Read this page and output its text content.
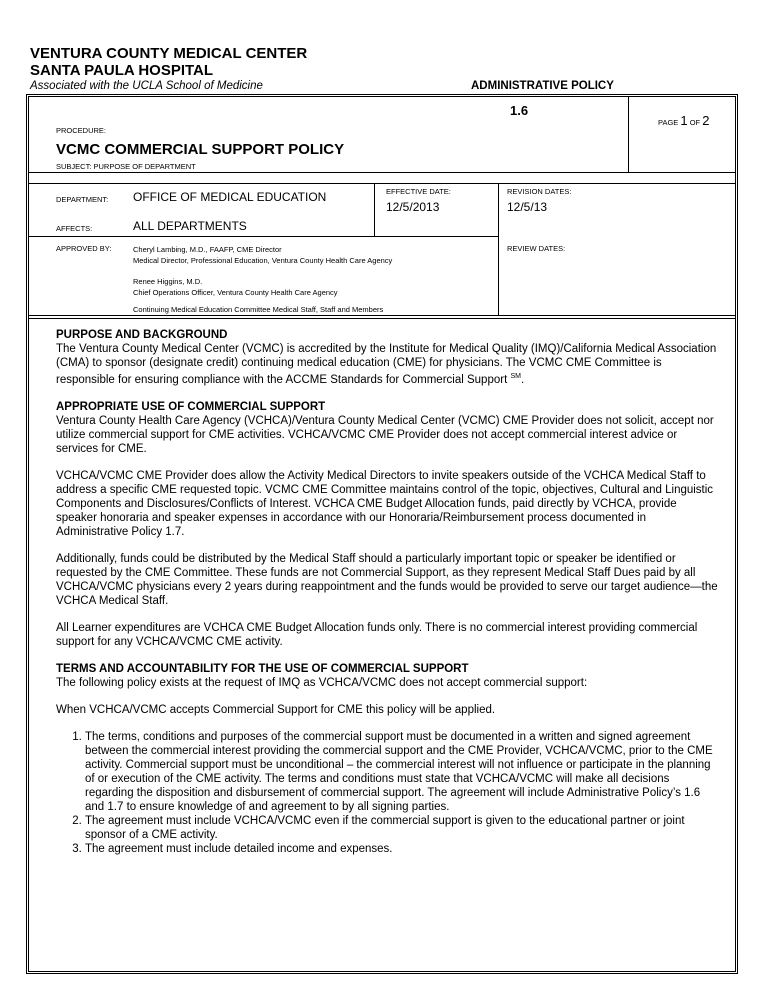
VENTURA COUNTY MEDICAL CENTER
SANTA PAULA HOSPITAL
Associated with the UCLA School of Medicine	ADMINISTRATIVE POLICY
PROCEDURE:
1.6
PAGE 1 OF 2
VCMC COMMERCIAL SUPPORT POLICY
SUBJECT: PURPOSE OF DEPARTMENT
DEPARTMENT: OFFICE OF MEDICAL EDUCATION	EFFECTIVE DATE:
12/5/2013
REVISION DATES:
12/5/13
AFFECTS:	ALL DEPARTMENTS
APPROVED BY:	Cheryl Lambing, M.D., FAAFP, CME Director
Medical Director, Professional Education, Ventura County Health Care Agency
Renee Higgins, M.D.
Chief Operations Officer, Ventura County Health Care Agency
Continuing Medical Education Committee Medical Staff, Staff and Members
REVIEW DATES:
PURPOSE AND BACKGROUND

The Ventura County Medical Center (VCMC) is accredited by the Institute for Medical Quality (IMQ)/California Medical Association (CMA) to sponsor (designate credit) continuing medical education (CME) for physicians. The VCMC CME Committee is responsible for ensuring compliance with the ACCME Standards for Commercial Support ℠.

APPROPRIATE USE OF COMMERCIAL SUPPORT

Ventura County Health Care Agency (VCHCA)/Ventura County Medical Center (VCMC) CME Provider does not solicit, accept nor utilize commercial support for CME activities. VCHCA/VCMC CME Provider does not accept commercial interest advice or services for CME.

VCHCA/VCMC CME Provider does allow the Activity Medical Directors to invite speakers outside of the VCHCA Medical Staff to address a specific CME requested topic. VCMC CME Committee maintains control of the topic, objectives, Cultural and Linguistic Components and Disclosures/Conflicts of Interest. VCHCA CME Budget Allocation funds, paid directly by VCHCA, provide speaker honoraria and speaker expenses in accordance with our Honoraria/Reimbursement process documented in Administrative Policy 1.7.

Additionally, funds could be distributed by the Medical Staff should a particularly important topic or speaker be identified or requested by the CME Committee. These funds are not Commercial Support, as they represent Medical Staff Dues paid by all VCHCA/VCMC physicians every 2 years during reappointment and the funds would be provided to serve our target audience—the VCHCA Medical Staff.

All Learner expenditures are VCHCA CME Budget Allocation funds only. There is no commercial interest providing commercial support for any VCHCA/VCMC CME activity.

TERMS AND ACCOUNTABILITY FOR THE USE OF COMMERCIAL SUPPORT

The following policy exists at the request of IMQ as VCHCA/VCMC does not accept commercial support:

When VCHCA/VCMC accepts Commercial Support for CME this policy will be applied.

1. The terms, conditions and purposes of the commercial support must be documented in a written and signed agreement between the commercial interest providing the commercial support and the CME Provider, VCHCA/VCMC, prior to the CME activity. Commercial support must be unconditional – the commercial interest will not influence or participate in the planning of or execution of the CME activity. The terms and conditions must state that VCHCA/VCMC will make all decisions regarding the disposition and disbursement of commercial support. The agreement will include Administrative Policy’s 1.6 and 1.7 to ensure knowledge of and agreement to by all signing parties.
2. The agreement must include VCHCA/VCMC even if the commercial support is given to the educational partner or joint sponsor of a CME activity.
3. The agreement must include detailed income and expenses.
